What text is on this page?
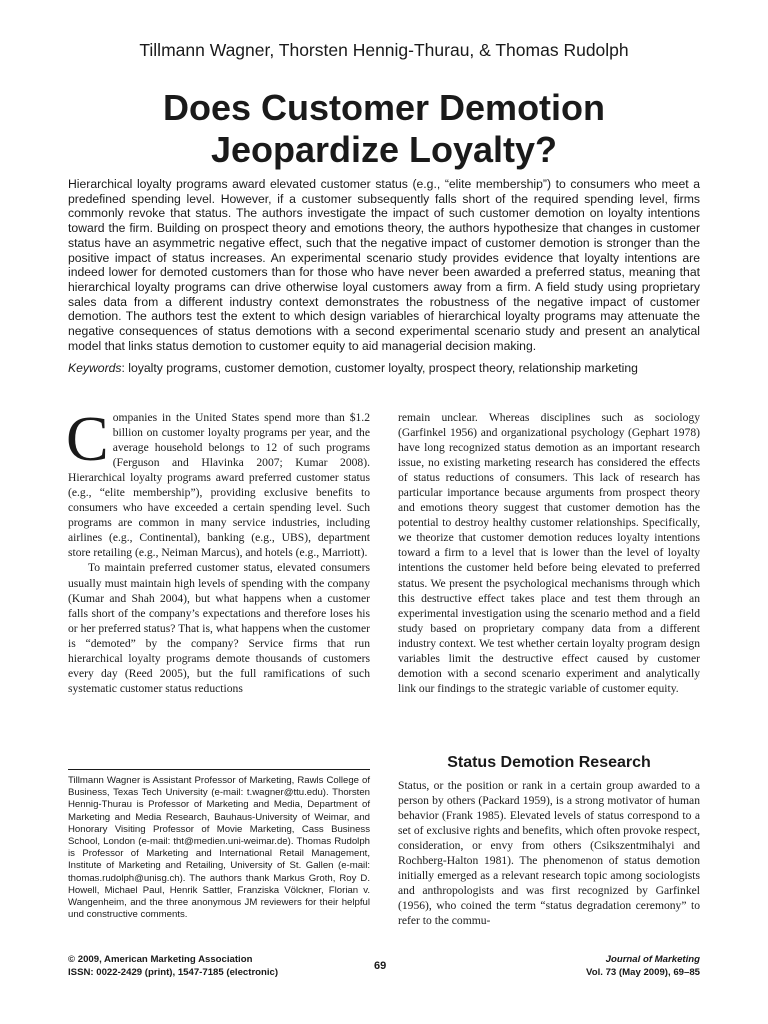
Tillmann Wagner, Thorsten Hennig-Thurau, & Thomas Rudolph
Does Customer Demotion
Jeopardize Loyalty?

Hierarchical loyalty programs award elevated customer status (e.g., “elite membership”) to consumers who meet a predefined spending level. However, if a customer subsequently falls short of the required spending level, firms commonly revoke that status. The authors investigate the impact of such customer demotion on loyalty intentions toward the firm. Building on prospect theory and emotions theory, the authors hypothesize that changes in customer status have an asymmetric negative effect, such that the negative impact of customer demotion is stronger than the positive impact of status increases. An experimental scenario study provides evidence that loyalty intentions are indeed lower for demoted customers than for those who have never been awarded a preferred status, meaning that hierarchical loyalty programs can drive otherwise loyal customers away from a firm. A field study using proprietary sales data from a different industry context demonstrates the robustness of the negative impact of customer demotion. The authors test the extent to which design variables of hierarchical loyalty programs may attenuate the negative consequences of status demotions with a second experimental scenario study and present an analytical model that links status demotion to customer equity to aid managerial decision making.

Keywords: loyalty programs, customer demotion, customer loyalty, prospect theory, relationship marketing

Companies in the United States spend more than $1.2 billion on customer loyalty programs per year, and the average household belongs to 12 of such programs (Ferguson and Hlavinka 2007; Kumar 2008). Hierarchical loyalty programs award preferred customer status (e.g., “elite membership”), providing exclusive benefits to consumers who have exceeded a certain spending level. Such programs are common in many service industries, including airlines (e.g., Continental), banking (e.g., UBS), department store retailing (e.g., Neiman Marcus), and hotels (e.g., Marriott).

To maintain preferred customer status, elevated consumers usually must maintain high levels of spending with the company (Kumar and Shah 2004), but what happens when a customer falls short of the company’s expectations and therefore loses his or her preferred status? That is, what happens when the customer is “demoted” by the company? Service firms that run hierarchical loyalty programs demote thousands of customers every day (Reed 2005), but the full ramifications of such systematic customer status reductions

remain unclear. Whereas disciplines such as sociology (Garfinkel 1956) and organizational psychology (Gephart 1978) have long recognized status demotion as an important research issue, no existing marketing research has considered the effects of status reductions of consumers. This lack of research has particular importance because arguments from prospect theory and emotions theory suggest that customer demotion has the potential to destroy healthy customer relationships. Specifically, we theorize that customer demotion reduces loyalty intentions toward a firm to a level that is lower than the level of loyalty intentions the customer held before being elevated to preferred status. We present the psychological mechanisms through which this destructive effect takes place and test them through an experimental investigation using the scenario method and a field study based on proprietary company data from a different industry context. We test whether certain loyalty program design variables limit the destructive effect caused by customer demotion with a second scenario experiment and analytically link our findings to the strategic variable of customer equity.

Status Demotion Research

Status, or the position or rank in a certain group awarded to a person by others (Packard 1959), is a strong motivator of human behavior (Frank 1985). Elevated levels of status correspond to a set of exclusive rights and benefits, which often provoke respect, consideration, or envy from others (Csikszentmihalyi and Rochberg-Halton 1981). The phenomenon of status demotion initially emerged as a relevant research topic among sociologists and anthropologists and was first recognized by Garfinkel (1956), who coined the term “status degradation ceremony” to refer to the commu-

Tillmann Wagner is Assistant Professor of Marketing, Rawls College of Business, Texas Tech University (e-mail: t.wagner@ttu.edu). Thorsten Hennig-Thurau is Professor of Marketing and Media, Department of Marketing and Media Research, Bauhaus-University of Weimar, and Honorary Visiting Professor of Movie Marketing, Cass Business School, London (e-mail: tht@medien.uni-weimar.de). Thomas Rudolph is Professor of Marketing and International Retail Management, Institute of Marketing and Retailing, University of St. Gallen (e-mail: thomas.rudolph@unisg.ch). The authors thank Markus Groth, Roy D. Howell, Michael Paul, Henrik Sattler, Franziska Völckner, Florian v. Wangenheim, and the three anonymous JM reviewers for their helpful und constructive comments.

© 2009, American Marketing Association
ISSN: 0022-2429 (print), 1547-7185 (electronic)	69
Journal of Marketing
Vol. 73 (May 2009), 69–85
